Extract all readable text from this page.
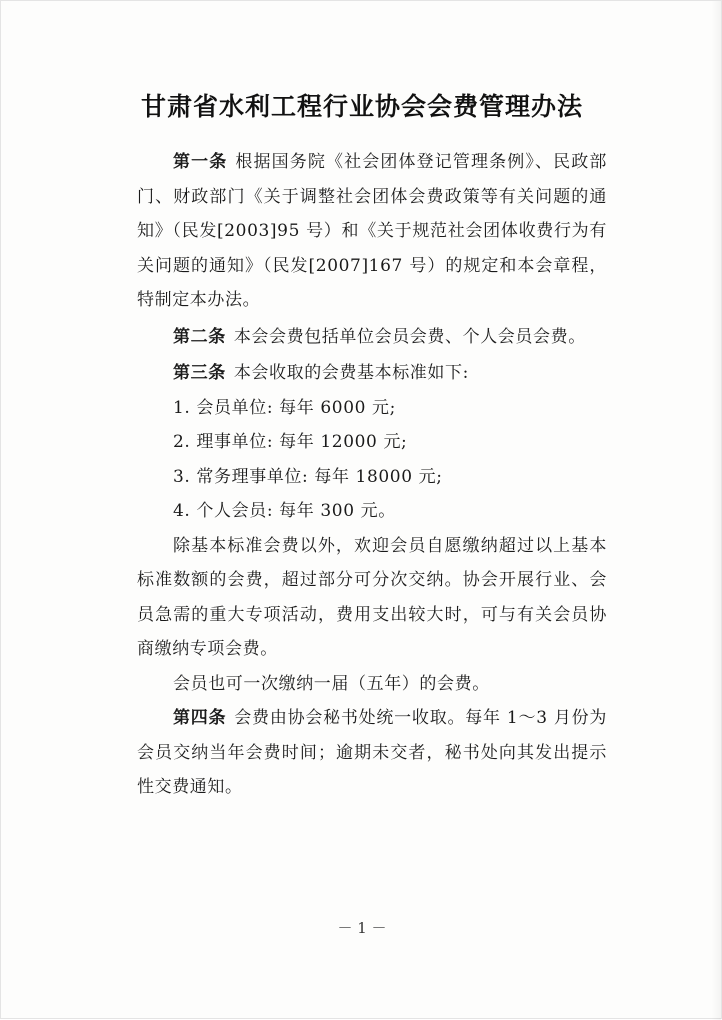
甘肃省水利工程行业协会会费管理办法

第一条 根据国务院《社会团体登记管理条例》、民政部门、财政部门《关于调整社会团体会费政策等有关问题的通知》（民发[2003]95 号）和《关于规范社会团体收费行为有关问题的通知》（民发[2007]167 号）的规定和本会章程，特制定本办法。

第二条 本会会费包括单位会员会费、个人会员会费。

第三条 本会收取的会费基本标准如下:

1. 会员单位: 每年 6000 元;

2. 理事单位: 每年 12000 元;

3. 常务理事单位: 每年 18000 元;

4. 个人会员: 每年 300 元。

除基本标准会费以外，欢迎会员自愿缴纳超过以上基本标准数额的会费，超过部分可分次交纳。协会开展行业、会员急需的重大专项活动，费用支出较大时，可与有关会员协商缴纳专项会费。

会员也可一次缴纳一届（五年）的会费。

第四条 会费由协会秘书处统一收取。每年 1～3 月份为会员交纳当年会费时间；逾期未交者，秘书处向其发出提示性交费通知。

－ 1 －
